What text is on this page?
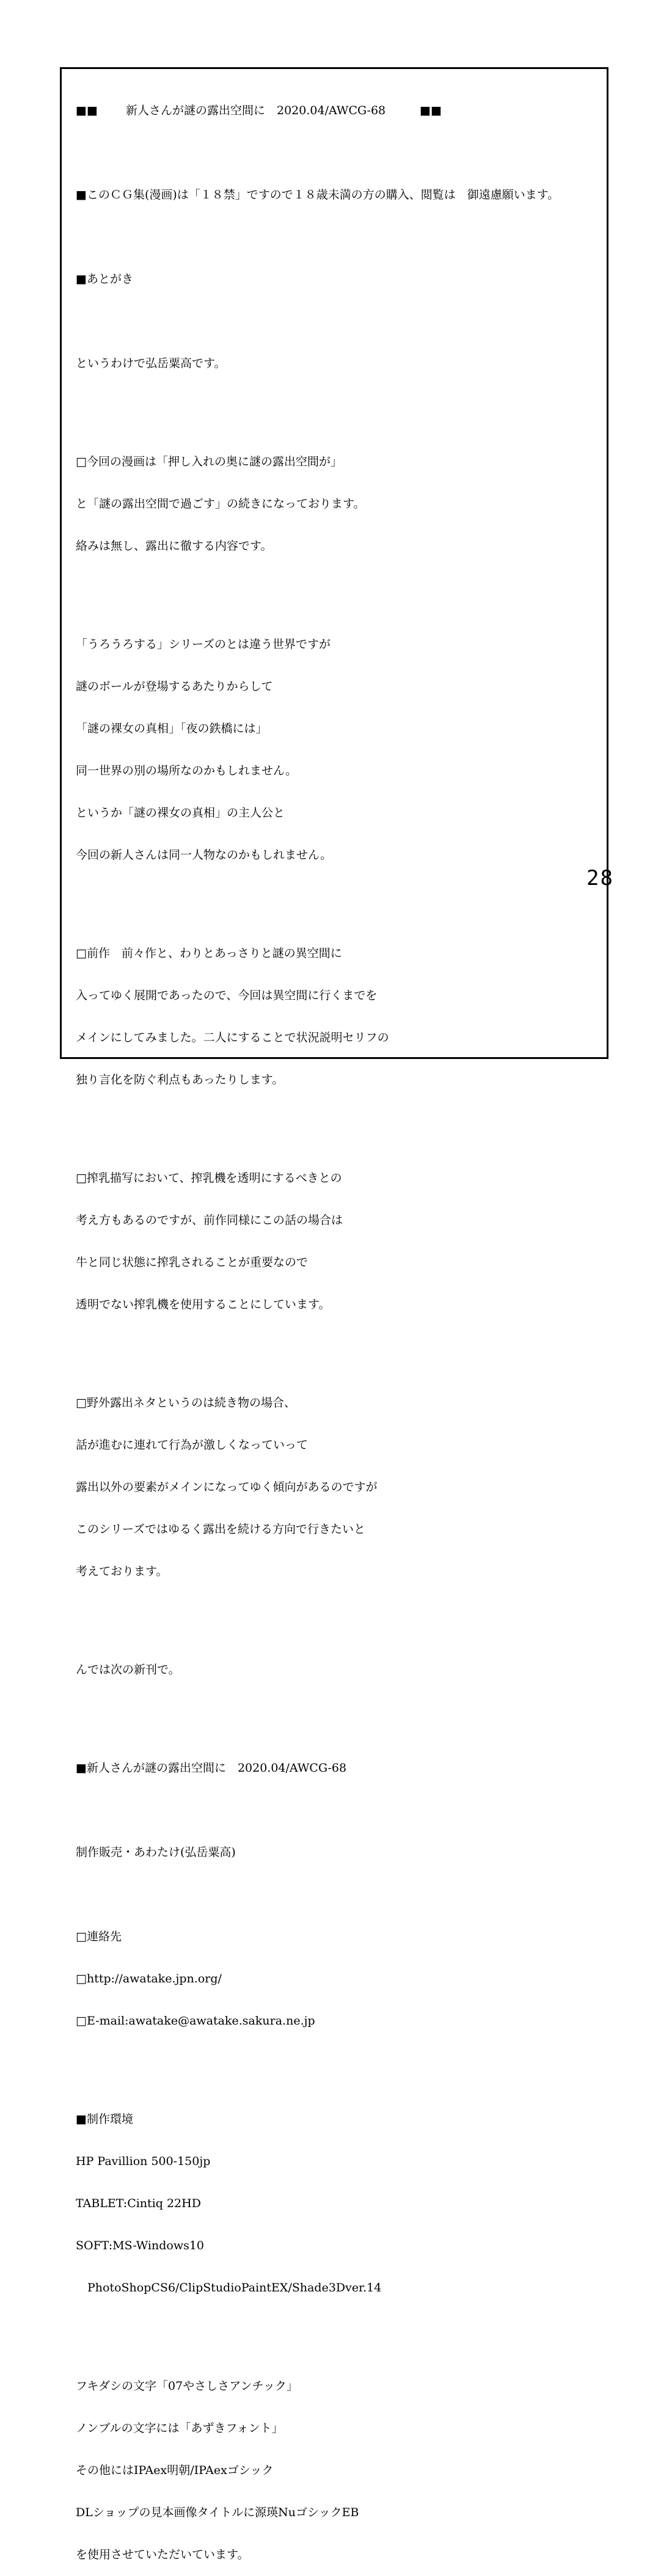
■■	新人さんが謎の露出空間に　2020.04/AWCG-68	■■

■このＣＧ集(漫画)は「１８禁」ですので１８歳未満の方の購入、閲覧は　御遠慮願います。

■あとがき

というわけで弘岳粟高です。

□今回の漫画は「押し入れの奥に謎の露出空間が」

と「謎の露出空間で過ごす」の続きになっております。

絡みは無し、露出に徹する内容です。

「うろうろする」シリーズのとは違う世界ですが

謎のボールが登場するあたりからして

「謎の裸女の真相」「夜の鉄橋には」

同一世界の別の場所なのかもしれません。

というか「謎の裸女の真相」の主人公と

今回の新人さんは同一人物なのかもしれません。

□前作　前々作と、わりとあっさりと謎の異空間に

入ってゆく展開であったので、今回は異空間に行くまでを

メインにしてみました。二人にすることで状況説明セリフの

独り言化を防ぐ利点もあったりします。

□搾乳描写において、搾乳機を透明にするべきとの

考え方もあるのですが、前作同様にこの話の場合は

牛と同じ状態に搾乳されることが重要なので

透明でない搾乳機を使用することにしています。

□野外露出ネタというのは続き物の場合、

話が進むに連れて行為が激しくなっていって

露出以外の要素がメインになってゆく傾向があるのですが

このシリーズではゆるく露出を続ける方向で行きたいと

考えております。

んでは次の新刊で。

■新人さんが謎の露出空間に　2020.04/AWCG-68

制作販売・あわたけ(弘岳粟高)

□連絡先

□http://awatake.jpn.org/

□E-mail:awatake@awatake.sakura.ne.jp

■制作環境

HP Pavillion 500-150jp

TABLET:Cintiq 22HD

SOFT:MS-Windows10

　PhotoShopCS6/ClipStudioPaintEX/Shade3Dver.14

フキダシの文字「07やさしさアンチック」

ノンブルの文字には「あずきフォント」

その他にはIPAex明朝/IPAexゴシック

DLショップの見本画像タイトルに源瑛NuゴシックEB

を使用させていただいています。

28
